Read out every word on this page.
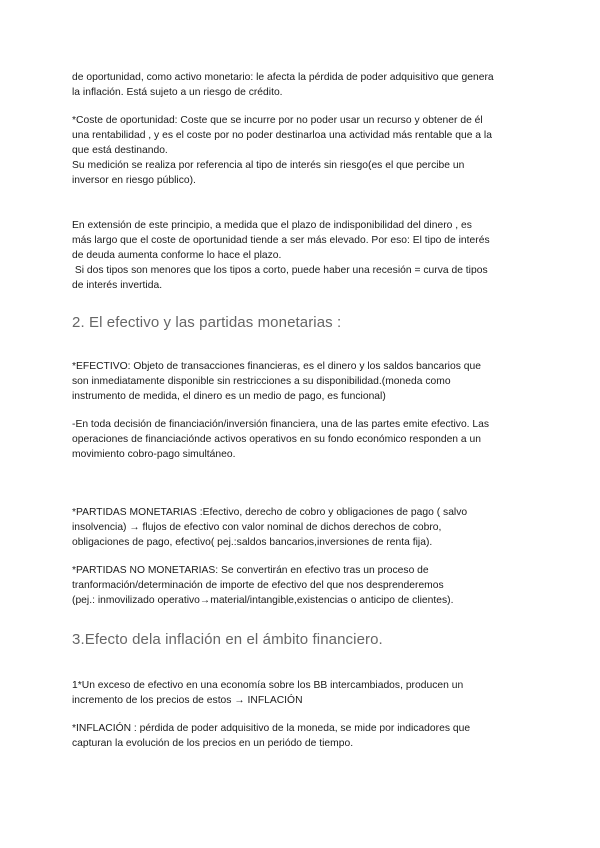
de oportunidad, como activo monetario: le afecta la pérdida de poder adquisitivo que genera
la inflación. Está sujeto a un riesgo de crédito.

*Coste de oportunidad: Coste que se incurre por no poder usar un recurso y obtener de él
una rentabilidad , y es el coste por no poder destinarloa una actividad más rentable que a la
que está destinando.
Su medición se realiza por referencia al tipo de interés sin riesgo(es el que percibe un
inversor en riesgo público).

En extensión de este principio, a medida que el plazo de indisponibilidad del dinero , es
más largo que el coste de oportunidad tiende a ser más elevado. Por eso: El tipo de interés
de deuda aumenta conforme lo hace el plazo.
Si dos tipos son menores que los tipos a corto, puede haber una recesión = curva de tipos
de interés invertida.

2. El efectivo y las partidas monetarias :

*EFECTIVO: Objeto de transacciones financieras, es el dinero y los saldos bancarios que
son inmediatamente disponible sin restricciones a su disponibilidad.(moneda como
instrumento de medida, el dinero es un medio de pago, es funcional)

-En toda decisión de financiación/inversión financiera, una de las partes emite efectivo. Las
operaciones de financiaciónde activos operativos en su fondo económico responden a un
movimiento cobro-pago simultáneo.

*PARTIDAS MONETARIAS :Efectivo, derecho de cobro y obligaciones de pago ( salvo
insolvencia) → flujos de efectivo con valor nominal de dichos derechos de cobro,
obligaciones de pago, efectivo( pej.:saldos bancarios,inversiones de renta fija).

*PARTIDAS NO MONETARIAS: Se convertirán en efectivo tras un proceso de
tranformación/determinación de importe de efectivo del que nos desprenderemos
(pej.: inmovilizado operativo→material/intangible,existencias o anticipo de clientes).

3.Efecto dela inflación en el ámbito financiero.

1*Un exceso de efectivo en una economía sobre los BB intercambiados, producen un
incremento de los precios de estos → INFLACIÓN

*INFLACIÓN : pérdida de poder adquisitivo de la moneda, se mide por indicadores que
capturan la evolución de los precios en un periódo de tiempo.
